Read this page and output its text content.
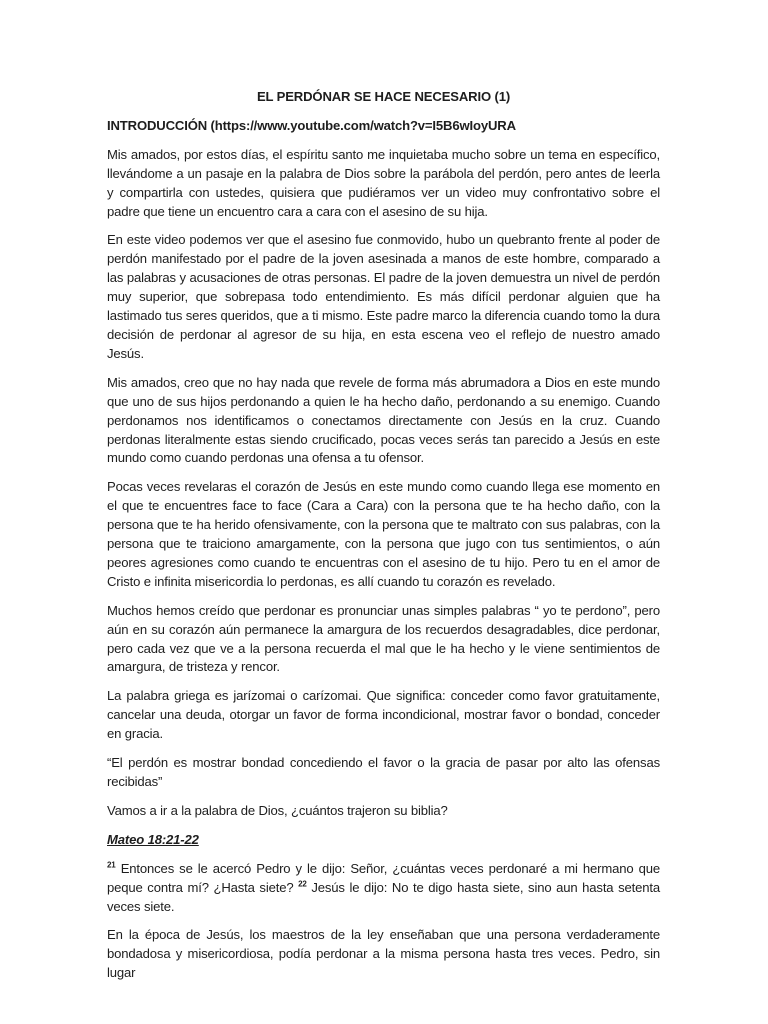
EL PERDÓNAR SE HACE NECESARIO (1)
INTRODUCCIÓN (https://www.youtube.com/watch?v=I5B6wIoyURA

Mis amados, por estos días, el espíritu santo me inquietaba mucho sobre un tema en específico, llevándome a un pasaje en la palabra de Dios sobre la parábola del perdón, pero antes de leerla y compartirla con ustedes, quisiera que pudiéramos ver un video muy confrontativo sobre el padre que tiene un encuentro cara a cara con el asesino de su hija.

En este video podemos ver que el asesino fue conmovido, hubo un quebranto frente al poder de perdón manifestado por el padre de la joven asesinada a manos de este hombre, comparado a las palabras y acusaciones de otras personas. El padre de la joven demuestra un nivel de perdón muy superior, que sobrepasa todo entendimiento. Es más difícil perdonar alguien que ha lastimado tus seres queridos, que a ti mismo. Este padre marco la diferencia cuando tomo la dura decisión de perdonar al agresor de su hija, en esta escena veo el reflejo de nuestro amado Jesús.

Mis amados, creo que no hay nada que revele de forma más abrumadora a Dios en este mundo que uno de sus hijos perdonando a quien le ha hecho daño, perdonando a su enemigo. Cuando perdonamos nos identificamos o conectamos directamente con Jesús en la cruz. Cuando perdonas literalmente estas siendo crucificado, pocas veces serás tan parecido a Jesús en este mundo como cuando perdonas una ofensa a tu ofensor.

Pocas veces revelaras el corazón de Jesús en este mundo como cuando llega ese momento en el que te encuentres face to face (Cara a Cara) con la persona que te ha hecho daño, con la persona que te ha herido ofensivamente, con la persona que te maltrato con sus palabras, con la persona que te traiciono amargamente, con la persona que jugo con tus sentimientos, o aún peores agresiones como cuando te encuentras con el asesino de tu hijo. Pero tu en el amor de Cristo e infinita misericordia lo perdonas, es allí cuando tu corazón es revelado.

Muchos hemos creído que perdonar es pronunciar unas simples palabras “ yo te perdono”, pero aún en su corazón aún permanece la amargura de los recuerdos desagradables, dice perdonar, pero cada vez que ve a la persona recuerda el mal que le ha hecho y le viene sentimientos de amargura, de tristeza y rencor.

La palabra griega es jarízomai o carízomai. Que significa: conceder como favor gratuitamente, cancelar una deuda, otorgar un favor de forma incondicional, mostrar favor o bondad, conceder en gracia.

“El perdón es mostrar bondad concediendo el favor o la gracia de pasar por alto las ofensas recibidas”

Vamos a ir a la palabra de Dios, ¿cuántos trajeron su biblia?

Mateo 18:21-22

$^{21}$ Entonces se le acercó Pedro y le dijo: Señor, ¿cuántas veces perdonaré a mi hermano que peque contra mí? ¿Hasta siete? $^{22}$ Jesús le dijo: No te digo hasta siete, sino aun hasta setenta veces siete.

En la época de Jesús, los maestros de la ley enseñaban que una persona verdaderamente bondadosa y misericordiosa, podía perdonar a la misma persona hasta tres veces. Pedro, sin lugar
